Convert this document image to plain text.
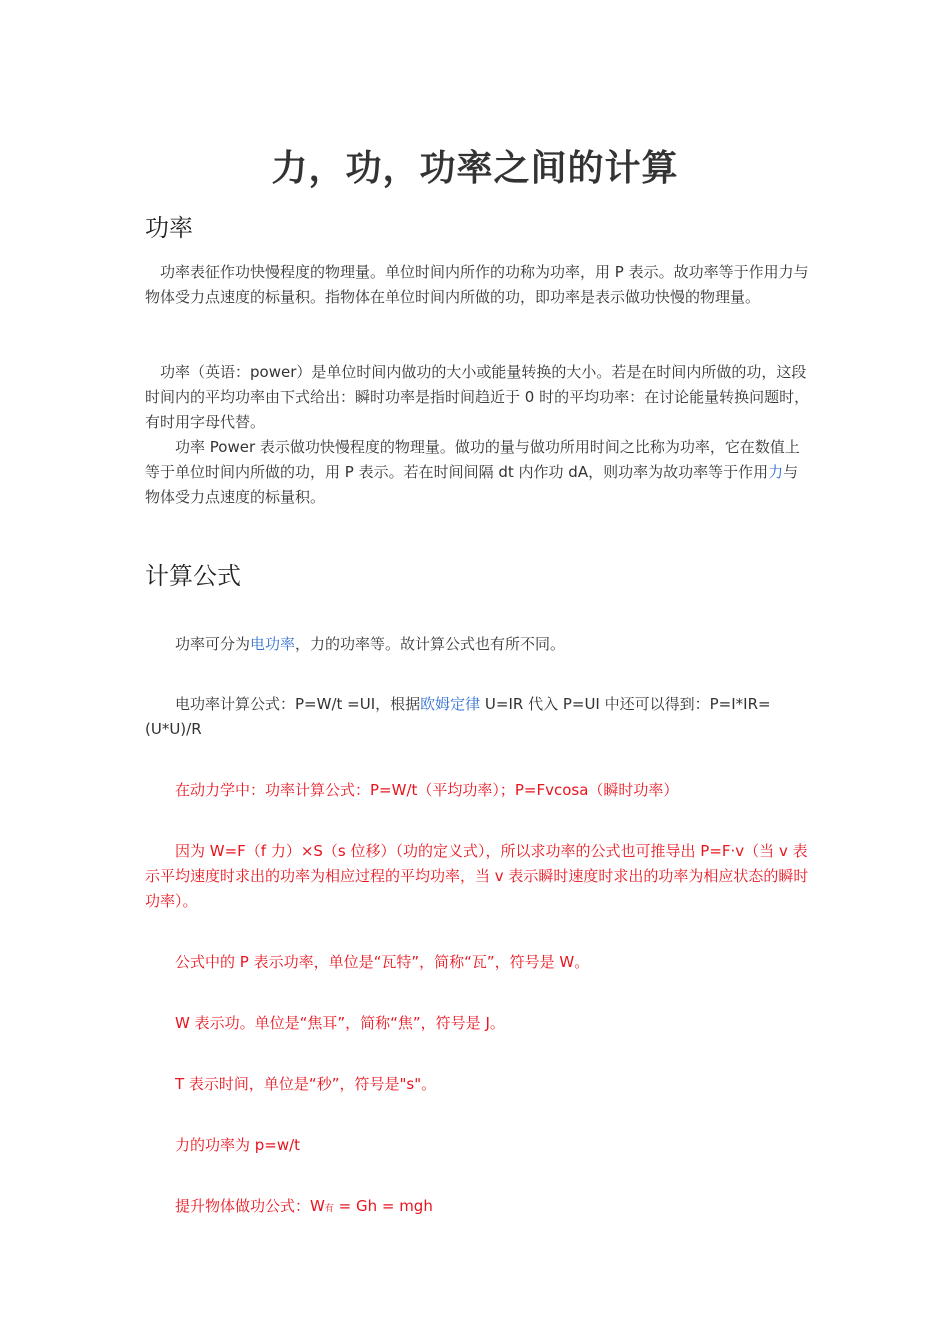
力，功，功率之间的计算
功率

　功率表征作功快慢程度的物理量。单位时间内所作的功称为功率，用 P 表示。故功率等于作用力与物体受力点速度的标量积。指物体在单位时间内所做的功，即功率是表示做功快慢的物理量。

　功率（英语：power）是单位时间内做功的大小或能量转换的大小。若是在时间内所做的功，这段时间内的平均功率由下式给出：瞬时功率是指时间趋近于 0 时的平均功率：在讨论能量转换问题时，有时用字母代替。

　　功率 Power 表示做功快慢程度的物理量。做功的量与做功所用时间之比称为功率，它在数值上等于单位时间内所做的功，用 P 表示。若在时间间隔 dt 内作功 dA，则功率为故功率等于作用力与物体受力点速度的标量积。

计算公式

　　功率可分为电功率，力的功率等。故计算公式也有所不同。

　　电功率计算公式：P=W/t =UI，根据欧姆定律 U=IR 代入 P=UI 中还可以得到：P=I*IR=(U*U)/R

　　在动力学中：功率计算公式：P=W/t（平均功率）；P=Fvcosa（瞬时功率）

　　因为 W=F（f 力）×S（s 位移）（功的定义式），所以求功率的公式也可推导出 P=F·v（当 v 表示平均速度时求出的功率为相应过程的平均功率，当 v 表示瞬时速度时求出的功率为相应状态的瞬时功率）。

　　公式中的 P 表示功率，单位是“瓦特”，简称“瓦”，符号是 W。

　　W 表示功。单位是“焦耳”，简称“焦”，符号是 J。

　　T 表示时间，单位是“秒”，符号是"s"。

　　力的功率为 p=w/t

　　提升物体做功公式：W有 = Gh = mgh
